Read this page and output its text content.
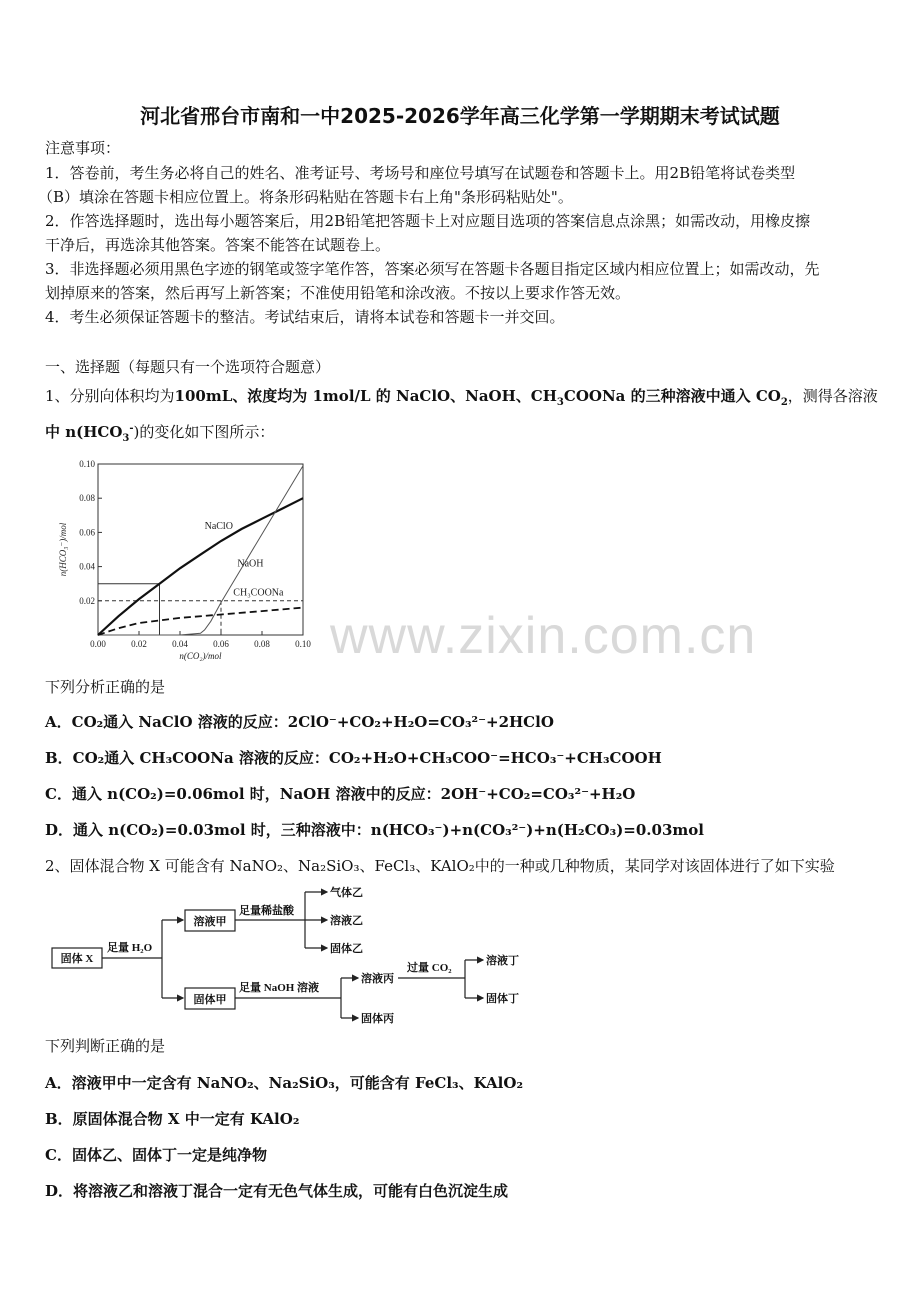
河北省邢台市南和一中2025-2026学年高三化学第一学期期末考试试题
注意事项：
1．答卷前，考生务必将自己的姓名、准考证号、考场号和座位号填写在试题卷和答题卡上。用2B铅笔将试卷类型
（B）填涂在答题卡相应位置上。将条形码粘贴在答题卡右上角"条形码粘贴处"。
2．作答选择题时，选出每小题答案后，用2B铅笔把答题卡上对应题目选项的答案信息点涂黑；如需改动，用橡皮擦
干净后，再选涂其他答案。答案不能答在试题卷上。
3．非选择题必须用黑色字迹的钢笔或签字笔作答，答案必须写在答题卡各题目指定区域内相应位置上；如需改动，先
划掉原来的答案，然后再写上新答案；不准使用铅笔和涂改液。不按以上要求作答无效。
4．考生必须保证答题卡的整洁。考试结束后，请将本试卷和答题卡一并交回。
一、选择题（每题只有一个选项符合题意）
1、分别向体积均为100mL、浓度均为 1mol/L 的 NaClO、NaOH、$CH_3COONa$ 的三种溶液中通入 $CO_2$，测得各溶液
中 $n(HCO_3^-)$的变化如下图所示：
0.00	0.02	0.04	0.06	0.08	0.10
0.02
0.04
0.06
0.08
0.10
n(CO₂)/mol
n(HCO₃⁻)/mol	NaClO
NaOH
CH₃COONa
下列分析正确的是
A．CO₂通入 NaClO 溶液的反应：2ClO⁻+CO₂+H₂O=CO₃²⁻+2HClO
B．CO₂通入 CH₃COONa 溶液的反应：CO₂+H₂O+CH₃COO⁻=HCO₃⁻+CH₃COOH
C．通入 n(CO₂)=0.06mol 时，NaOH 溶液中的反应：2OH⁻+CO₂=CO₃²⁻+H₂O
D．通入 n(CO₂)=0.03mol 时，三种溶液中：n(HCO₃⁻)+n(CO₃²⁻)+n(H₂CO₃)=0.03mol
2、固体混合物 X 可能含有 NaNO₂、Na₂SiO₃、FeCl₃、KAlO₂中的一种或几种物质，某同学对该固体进行了如下实验
固体 X
足量 H₂O
溶液甲
足量稀盐酸
气体乙
溶液乙
固体乙
固体甲
足量 NaOH 溶液
溶液丙
固体丙
过量 CO₂
溶液丁
固体丁
下列判断正确的是
A．溶液甲中一定含有 NaNO₂、Na₂SiO₃，可能含有 FeCl₃、KAlO₂
B．原固体混合物 X 中一定有 KAlO₂
C．固体乙、固体丁一定是纯净物
D．将溶液乙和溶液丁混合一定有无色气体生成，可能有白色沉淀生成
www.zixin.com.cn
